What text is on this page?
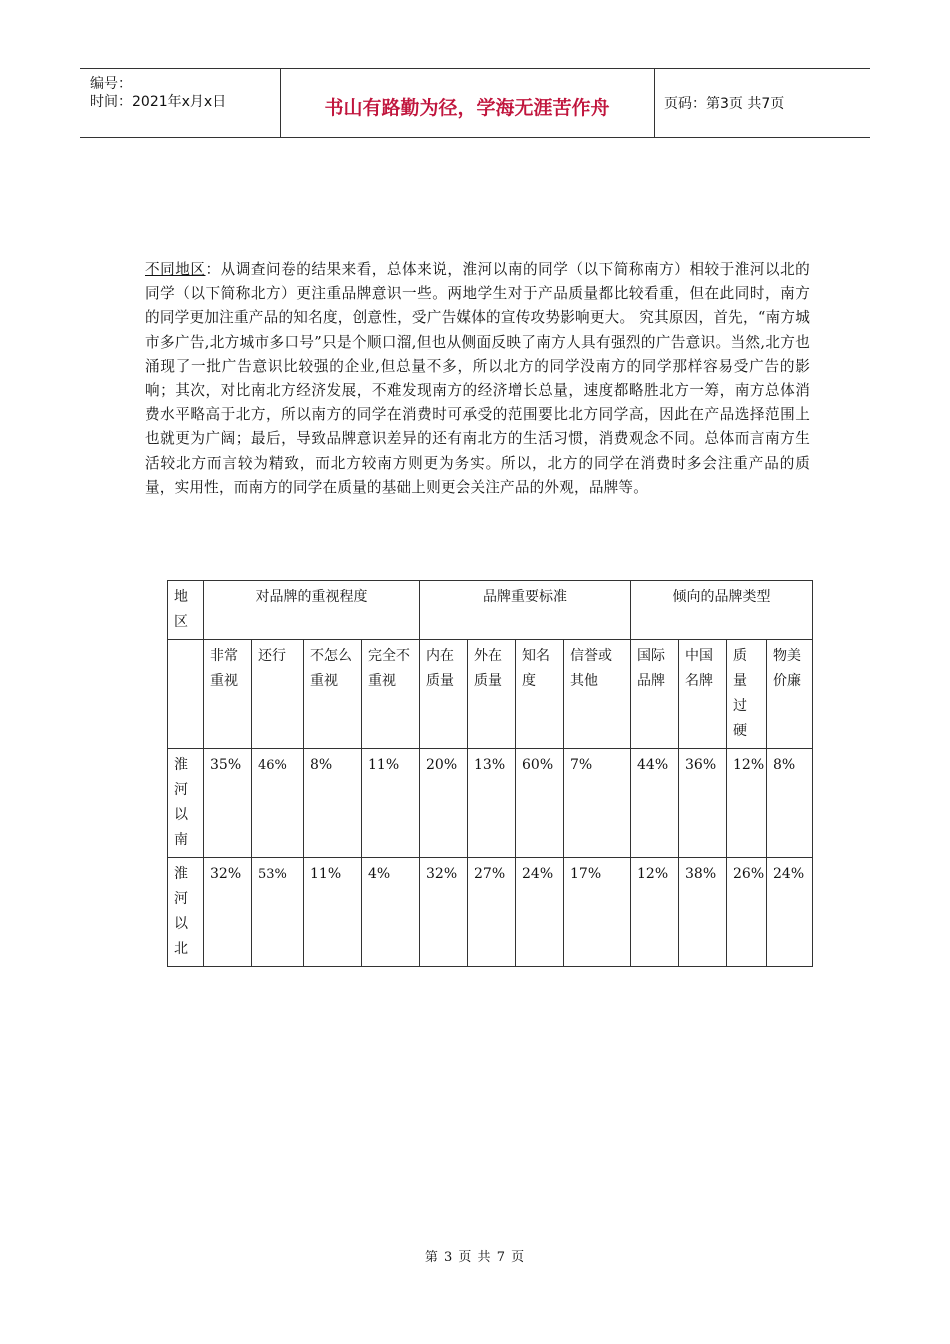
编号：
时间：2021年x月x日	书山有路勤为径，学海无涯苦作舟	页码：第3页 共7页
不同地区：从调查问卷的结果来看，总体来说，淮河以南的同学（以下简称南方）相较于淮河以北的同学（以下简称北方）更注重品牌意识一些。两地学生对于产品质量都比较看重，但在此同时，南方的同学更加注重产品的知名度，创意性，受广告媒体的宣传攻势影响更大。 究其原因，首先，“南方城市多广告,北方城市多口号”只是个顺口溜,但也从侧面反映了南方人具有强烈的广告意识。当然,北方也涌现了一批广告意识比较强的企业,但总量不多，所以北方的同学没南方的同学那样容易受广告的影响；其次，对比南北方经济发展，不难发现南方的经济增长总量，速度都略胜北方一筹，南方总体消费水平略高于北方，所以南方的同学在消费时可承受的范围要比北方同学高，因此在产品选择范围上也就更为广阔；最后，导致品牌意识差异的还有南北方的生活习惯，消费观念不同。总体而言南方生活较北方而言较为精致，而北方较南方则更为务实。所以，北方的同学在消费时多会注重产品的质量，实用性，而南方的同学在质量的基础上则更会关注产品的外观，品牌等。
地区	对品牌的重视程度				品牌重要标准				倾向的品牌类型			
	非常重视	还行	不怎么重视	完全不重视	内在质量	外在质量	知名度	信誉或其他	国际品牌	中国名牌	质量过硬	物美价廉

淮河以南	35%	46%	8%	11%	20%	13%	60%	7%	44%	36%	12%	8%

淮河以北	32%	53%	11%	4%	32%	27%	24%	17%	12%	38%	26%	24%
第 3 页 共 7 页
